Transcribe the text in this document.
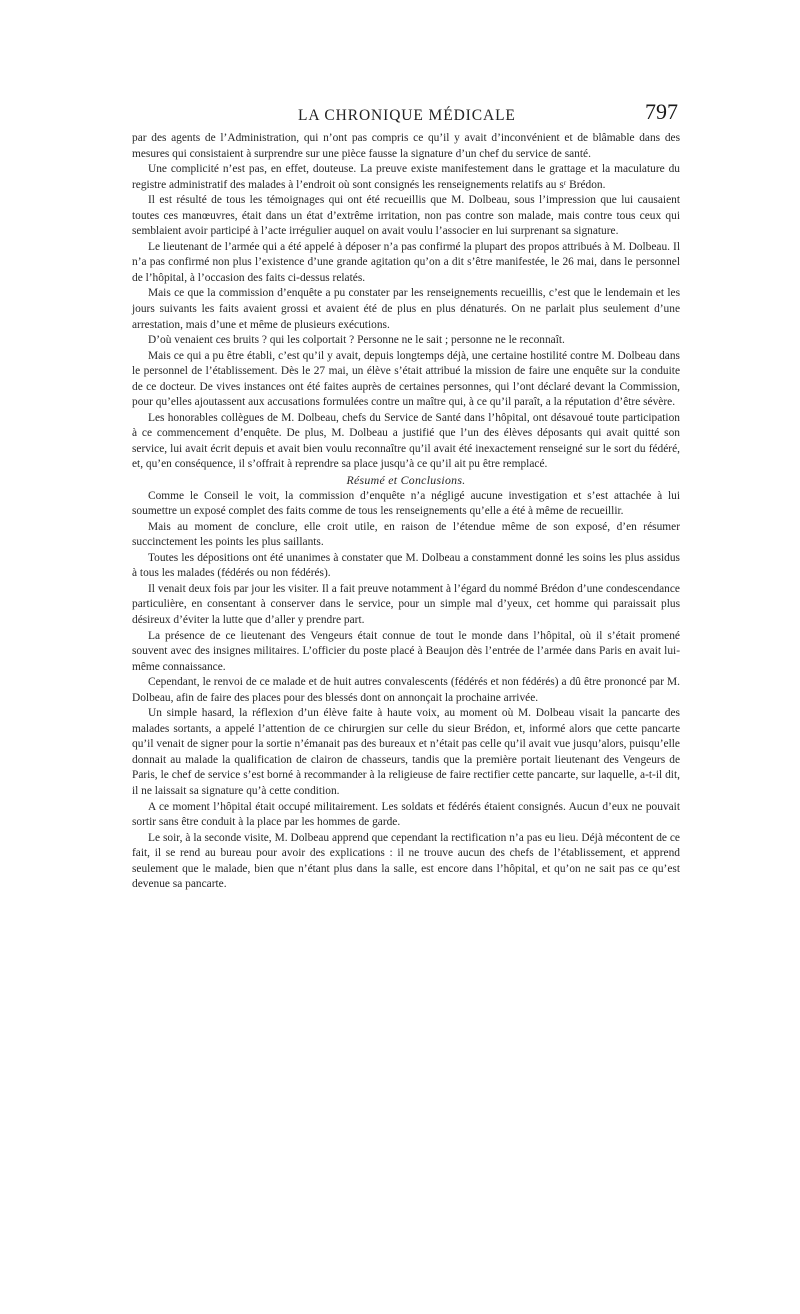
LA CHRONIQUE MÉDICALE	797

par des agents de l’Administration, qui n’ont pas compris ce qu’il y avait d’inconvénient et de blâmable dans des mesures qui consistaient à surprendre sur une pièce fausse la signature d’un chef du service de santé.

Une complicité n’est pas, en effet, douteuse. La preuve existe manifestement dans le grattage et la maculature du registre administratif des malades à l’endroit où sont consignés les renseignements relatifs au sʳ Brédon.

Il est résulté de tous les témoignages qui ont été recueillis que M. Dolbeau, sous l’impression que lui causaient toutes ces manœuvres, était dans un état d’extrême irritation, non pas contre son malade, mais contre tous ceux qui semblaient avoir participé à l’acte irrégulier auquel on avait voulu l’associer en lui surprenant sa signature.

Le lieutenant de l’armée qui a été appelé à déposer n’a pas confirmé la plupart des propos attribués à M. Dolbeau. Il n’a pas confirmé non plus l’existence d’une grande agitation qu’on a dit s’être manifestée, le 26 mai, dans le personnel de l’hôpital, à l’occasion des faits ci-dessus relatés.

Mais ce que la commission d’enquête a pu constater par les renseignements recueillis, c’est que le lendemain et les jours suivants les faits avaient grossi et avaient été de plus en plus dénaturés. On ne parlait plus seulement d’une arrestation, mais d’une et même de plusieurs exécutions.

D’où venaient ces bruits ? qui les colportait ? Personne ne le sait ; personne ne le reconnaît.

Mais ce qui a pu être établi, c’est qu’il y avait, depuis longtemps déjà, une certaine hostilité contre M. Dolbeau dans le personnel de l’établissement. Dès le 27 mai, un élève s’était attribué la mission de faire une enquête sur la conduite de ce docteur. De vives instances ont été faites auprès de certaines personnes, qui l’ont déclaré devant la Commission, pour qu’elles ajoutassent aux accusations formulées contre un maître qui, à ce qu’il paraît, a la réputation d’être sévère.

Les honorables collègues de M. Dolbeau, chefs du Service de Santé dans l’hôpital, ont désavoué toute participation à ce commencement d’enquête. De plus, M. Dolbeau a justifié que l’un des élèves déposants qui avait quitté son service, lui avait écrit depuis et avait bien voulu reconnaître qu’il avait été inexactement renseigné sur le sort du fédéré, et, qu’en conséquence, il s’offrait à reprendre sa place jusqu’à ce qu’il ait pu être remplacé.

Résumé et Conclusions.

Comme le Conseil le voit, la commission d’enquête n’a négligé aucune investigation et s’est attachée à lui soumettre un exposé complet des faits comme de tous les renseignements qu’elle a été à même de recueillir.

Mais au moment de conclure, elle croit utile, en raison de l’étendue même de son exposé, d’en résumer succinctement les points les plus saillants.

Toutes les dépositions ont été unanimes à constater que M. Dolbeau a constamment donné les soins les plus assidus à tous les malades (fédérés ou non fédérés).

Il venait deux fois par jour les visiter. Il a fait preuve notamment à l’égard du nommé Brédon d’une condescendance particulière, en consentant à conserver dans le service, pour un simple mal d’yeux, cet homme qui paraissait plus désireux d’éviter la lutte que d’aller y prendre part.

La présence de ce lieutenant des Vengeurs était connue de tout le monde dans l’hôpital, où il s’était promené souvent avec des insignes militaires. L’officier du poste placé à Beaujon dès l’entrée de l’armée dans Paris en avait lui-même connaissance.

Cependant, le renvoi de ce malade et de huit autres convalescents (fédérés et non fédérés) a dû être prononcé par M. Dolbeau, afin de faire des places pour des blessés dont on annonçait la prochaine arrivée.

Un simple hasard, la réflexion d’un élève faite à haute voix, au moment où M. Dolbeau visait la pancarte des malades sortants, a appelé l’attention de ce chirurgien sur celle du sieur Brédon, et, informé alors que cette pancarte qu’il venait de signer pour la sortie n’émanait pas des bureaux et n’était pas celle qu’il avait vue jusqu’alors, puisqu’elle donnait au malade la qualification de clairon de chasseurs, tandis que la première portait lieutenant des Vengeurs de Paris, le chef de service s’est borné à recommander à la religieuse de faire rectifier cette pancarte, sur laquelle, a-t-il dit, il ne laissait sa signature qu’à cette condition.

A ce moment l’hôpital était occupé militairement. Les soldats et fédérés étaient consignés. Aucun d’eux ne pouvait sortir sans être conduit à la place par les hommes de garde.

Le soir, à la seconde visite, M. Dolbeau apprend que cependant la rectification n’a pas eu lieu. Déjà mécontent de ce fait, il se rend au bureau pour avoir des explications : il ne trouve aucun des chefs de l’établissement, et apprend seulement que le malade, bien que n’étant plus dans la salle, est encore dans l’hôpital, et qu’on ne sait pas ce qu’est devenue sa pancarte.
